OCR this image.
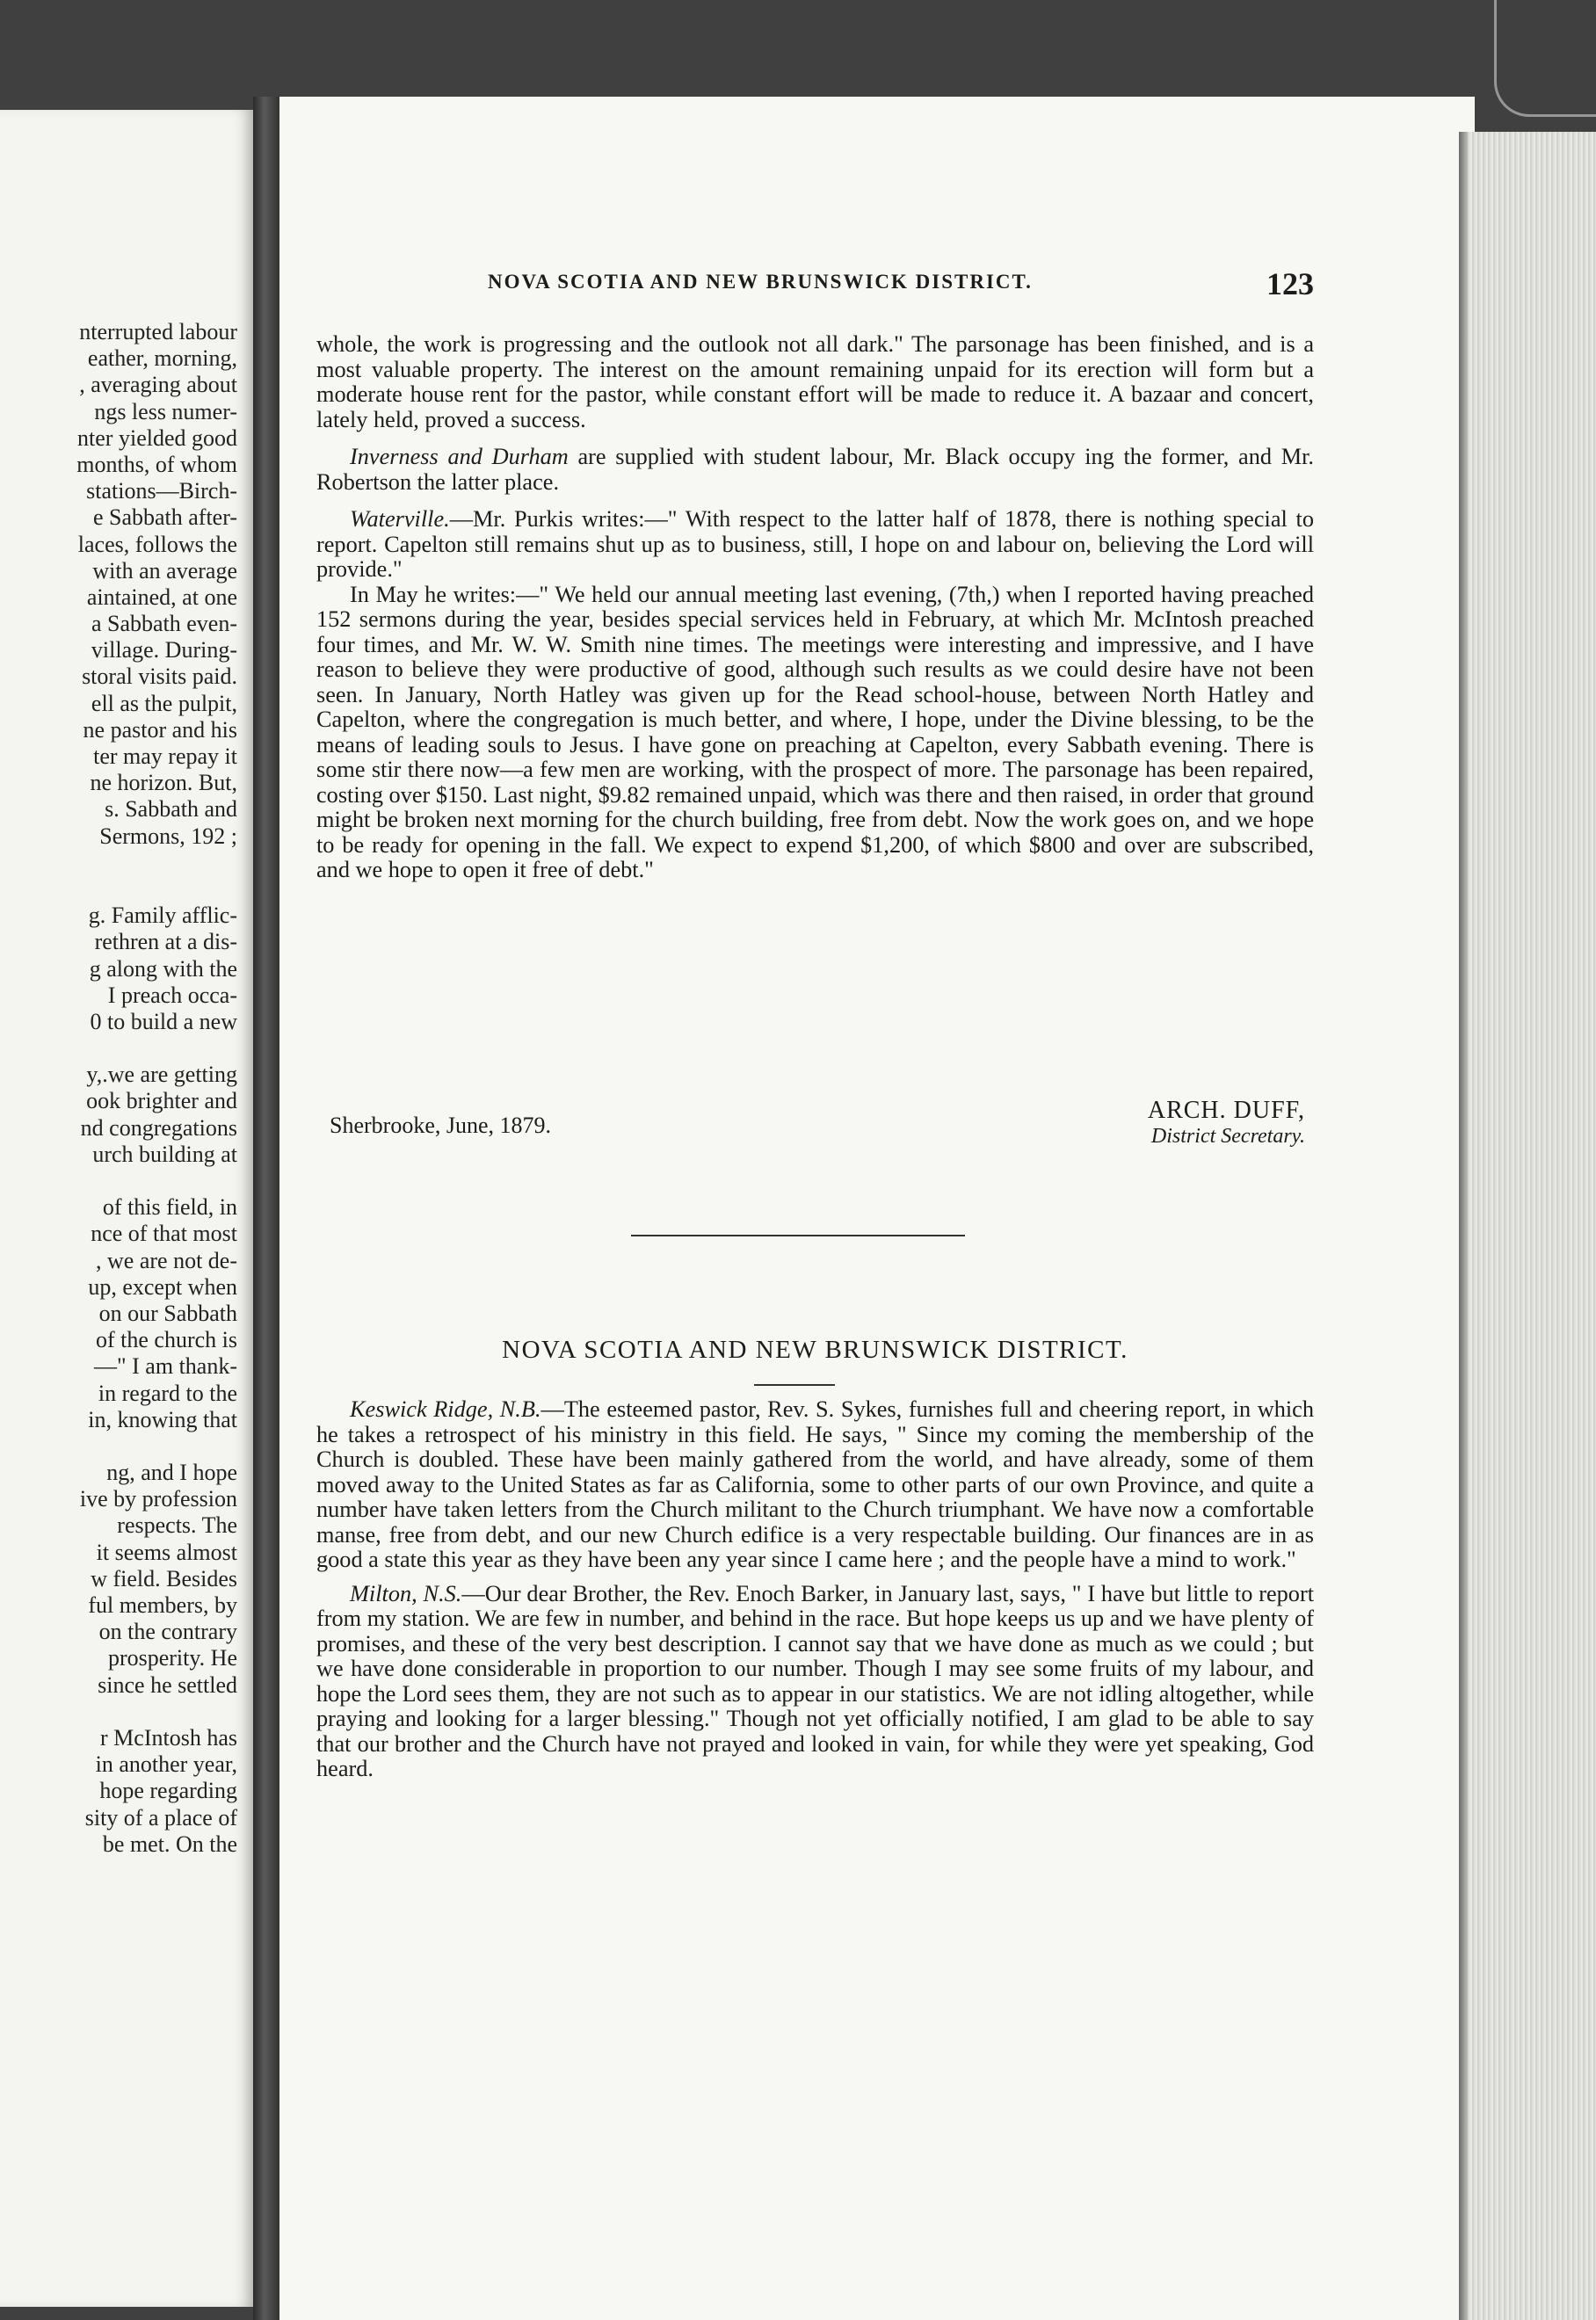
nterrupted labour
eather, morning,
, averaging about
ngs less numer-
nter yielded good
months, of whom
stations—Birch-
e Sabbath after-
laces, follows the
with an average
aintained, at one
a Sabbath even-
village. During-
storal visits paid.
ell as the pulpit,
ne pastor and his
ter may repay it
ne horizon. But,
s. Sabbath and
Sermons, 192 ;
g. Family afflic-
rethren at a dis-
g along with the
I preach occa-
0 to build a new
y,.we are getting
ook brighter and
nd congregations
urch building at
of this field, in
nce of that most
, we are not de-
up, except when
on our Sabbath
of the church is
—" I am thank-
in regard to the
in, knowing that
ng, and I hope
ive by profession
respects. The
it seems almost
w field. Besides
ful members, by
on the contrary
prosperity. He
since he settled
r McIntosh has
in another year,
hope regarding
sity of a place of
be met. On the
NOVA SCOTIA AND NEW BRUNSWICK DISTRICT.	123

whole, the work is progressing and the outlook not all dark." The parsonage has been finished, and is a most valuable property. The interest on the amount remaining unpaid for its erection will form but a moderate house rent for the pastor, while constant effort will be made to reduce it. A bazaar and concert, lately held, proved a success.

Inverness and Durham are supplied with student labour, Mr. Black occupy ing the former, and Mr. Robertson the latter place.

Waterville.—Mr. Purkis writes:—" With respect to the latter half of 1878, there is nothing special to report. Capelton still remains shut up as to business, still, I hope on and labour on, believing the Lord will provide."

In May he writes:—" We held our annual meeting last evening, (7th,) when I reported having preached 152 sermons during the year, besides special services held in February, at which Mr. McIntosh preached four times, and Mr. W. W. Smith nine times. The meetings were interesting and impressive, and I have reason to believe they were productive of good, although such results as we could desire have not been seen. In January, North Hatley was given up for the Read school-house, between North Hatley and Capelton, where the congregation is much better, and where, I hope, under the Divine blessing, to be the means of leading souls to Jesus. I have gone on preaching at Capelton, every Sabbath evening. There is some stir there now—a few men are working, with the prospect of more. The parsonage has been repaired, costing over $150. Last night, $9.82 remained unpaid, which was there and then raised, in order that ground might be broken next morning for the church building, free from debt. Now the work goes on, and we hope to be ready for opening in the fall. We expect to expend $1,200, of which $800 and over are subscribed, and we hope to open it free of debt."

Sherbrooke, June, 1879.
ARCH. DUFF,
District Secretary.
NOVA SCOTIA AND NEW BRUNSWICK DISTRICT.

Keswick Ridge, N.B.—The esteemed pastor, Rev. S. Sykes, furnishes full and cheering report, in which he takes a retrospect of his ministry in this field. He says, " Since my coming the membership of the Church is doubled. These have been mainly gathered from the world, and have already, some of them moved away to the United States as far as California, some to other parts of our own Province, and quite a number have taken letters from the Church militant to the Church triumphant. We have now a comfortable manse, free from debt, and our new Church edifice is a very respectable building. Our finances are in as good a state this year as they have been any year since I came here ; and the people have a mind to work."

Milton, N.S.—Our dear Brother, the Rev. Enoch Barker, in January last, says, " I have but little to report from my station. We are few in number, and behind in the race. But hope keeps us up and we have plenty of promises, and these of the very best description. I cannot say that we have done as much as we could ; but we have done considerable in proportion to our number. Though I may see some fruits of my labour, and hope the Lord sees them, they are not such as to appear in our statistics. We are not idling altogether, while praying and looking for a larger blessing." Though not yet officially notified, I am glad to be able to say that our brother and the Church have not prayed and looked in vain, for while they were yet speaking, God heard.
